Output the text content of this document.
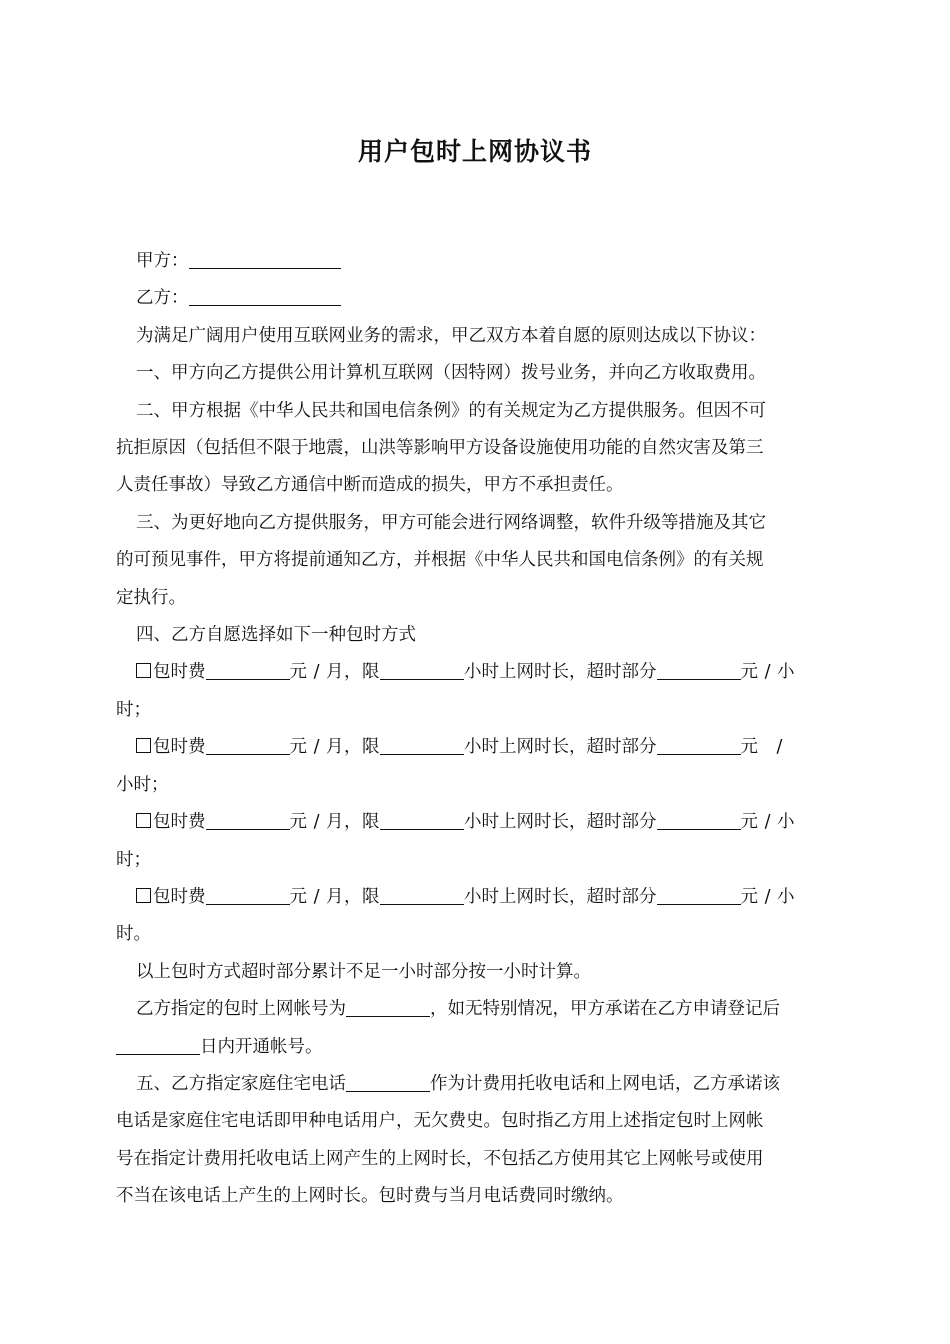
用户包时上网协议书

甲方：

乙方：

为满足广阔用户使用互联网业务的需求，甲乙双方本着自愿的原则达成以下协议：

一、甲方向乙方提供公用计算机互联网（因特网）拨号业务，并向乙方收取费用。

二、甲方根据《中华人民共和国电信条例》的有关规定为乙方提供服务。但因不可

抗拒原因（包括但不限于地震，山洪等影响甲方设备设施使用功能的自然灾害及第三

人责任事故）导致乙方通信中断而造成的损失，甲方不承担责任。

三、为更好地向乙方提供服务，甲方可能会进行网络调整，软件升级等措施及其它

的可预见事件，甲方将提前通知乙方，并根据《中华人民共和国电信条例》的有关规

定执行。

四、乙方自愿选择如下一种包时方式

包时费	元 / 月，限	小时上网时长，超时部分	元 / 小

时；

包时费	元 / 月，限	小时上网时长，超时部分	元　/

小时；

包时费	元 / 月，限	小时上网时长，超时部分	元 / 小

时；

包时费	元 / 月，限	小时上网时长，超时部分	元 / 小

时。

以上包时方式超时部分累计不足一小时部分按一小时计算。

乙方指定的包时上网帐号为	，如无特别情况，甲方承诺在乙方申请登记后

日内开通帐号。

五、乙方指定家庭住宅电话	作为计费用托收电话和上网电话，乙方承诺该

电话是家庭住宅电话即甲种电话用户，无欠费史。包时指乙方用上述指定包时上网帐

号在指定计费用托收电话上网产生的上网时长，不包括乙方使用其它上网帐号或使用

不当在该电话上产生的上网时长。包时费与当月电话费同时缴纳。
